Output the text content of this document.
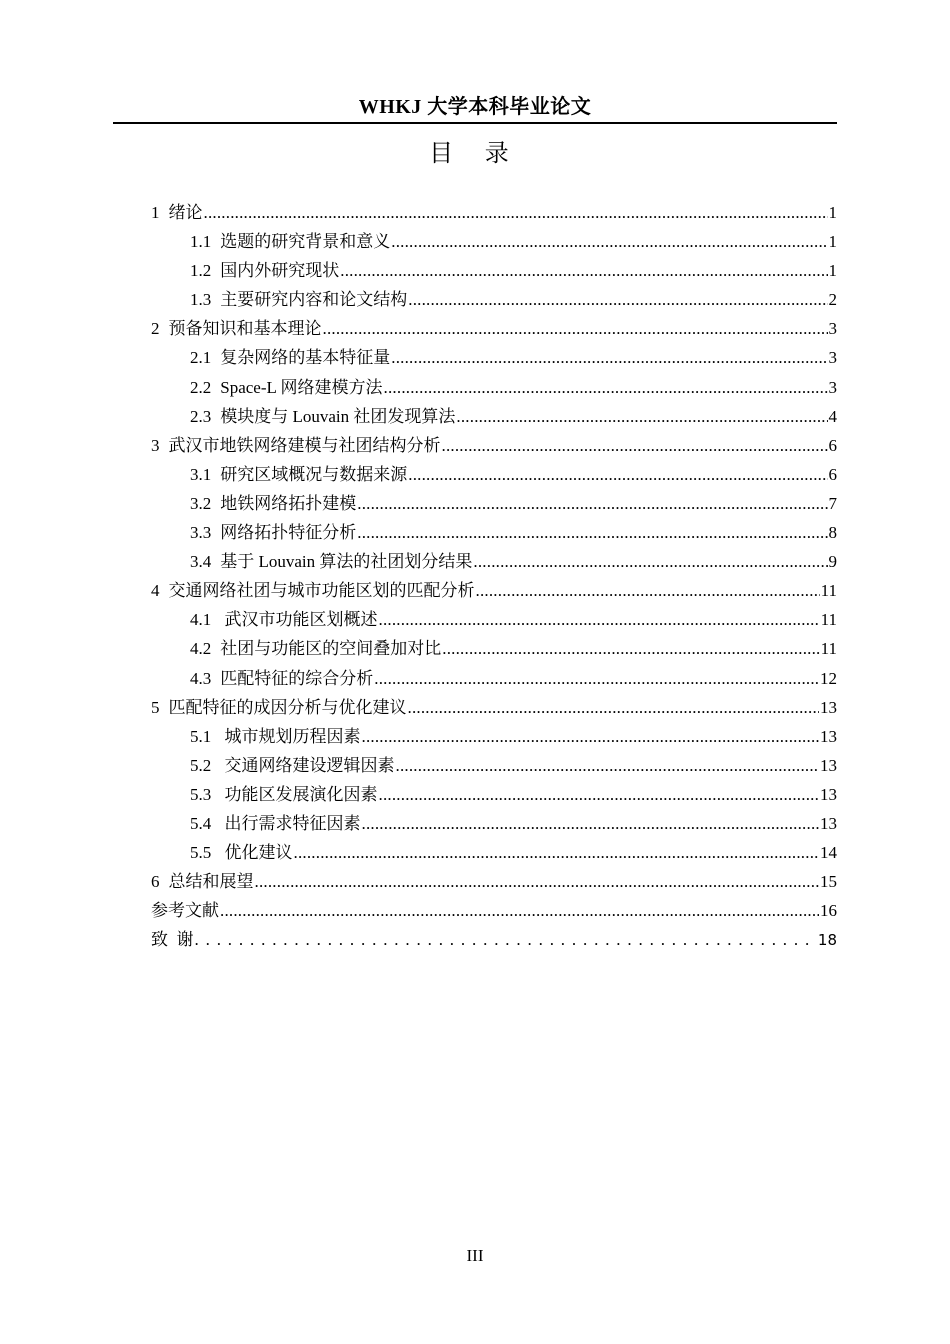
WHKJ 大学本科毕业论文
目 录
1 绪论 .....	1
1.1 选题的研究背景和意义 .....	1
1.2 国内外研究现状 .....	1
1.3 主要研究内容和论文结构 .....	2
2 预备知识和基本理论 .....	3
2.1 复杂网络的基本特征量 .....	3
2.2 Space-L 网络建模方法 .....	3
2.3 模块度与 Louvain 社团发现算法 .....	4
3 武汉市地铁网络建模与社团结构分析 .....	6
3.1 研究区域概况与数据来源 .....	6
3.2 地铁网络拓扑建模 .....	7
3.3 网络拓扑特征分析 .....	8
3.4 基于 Louvain 算法的社团划分结果 .....	9
4 交通网络社团与城市功能区划的匹配分析 .....	11
4.1 武汉市功能区划概述 .....	11
4.2 社团与功能区的空间叠加对比 .....	11
4.3 匹配特征的综合分析 .....	12
5 匹配特征的成因分析与优化建议 .....	13
5.1 城市规划历程因素 .....	13
5.2 交通网络建设逻辑因素 .....	13
5.3 功能区发展演化因素 .....	13
5.4 出行需求特征因素 .....	13
5.5 优化建议 .....	14
6 总结和展望 .....	15
参考文献 .....	16
致  谢 . . .	18
III
